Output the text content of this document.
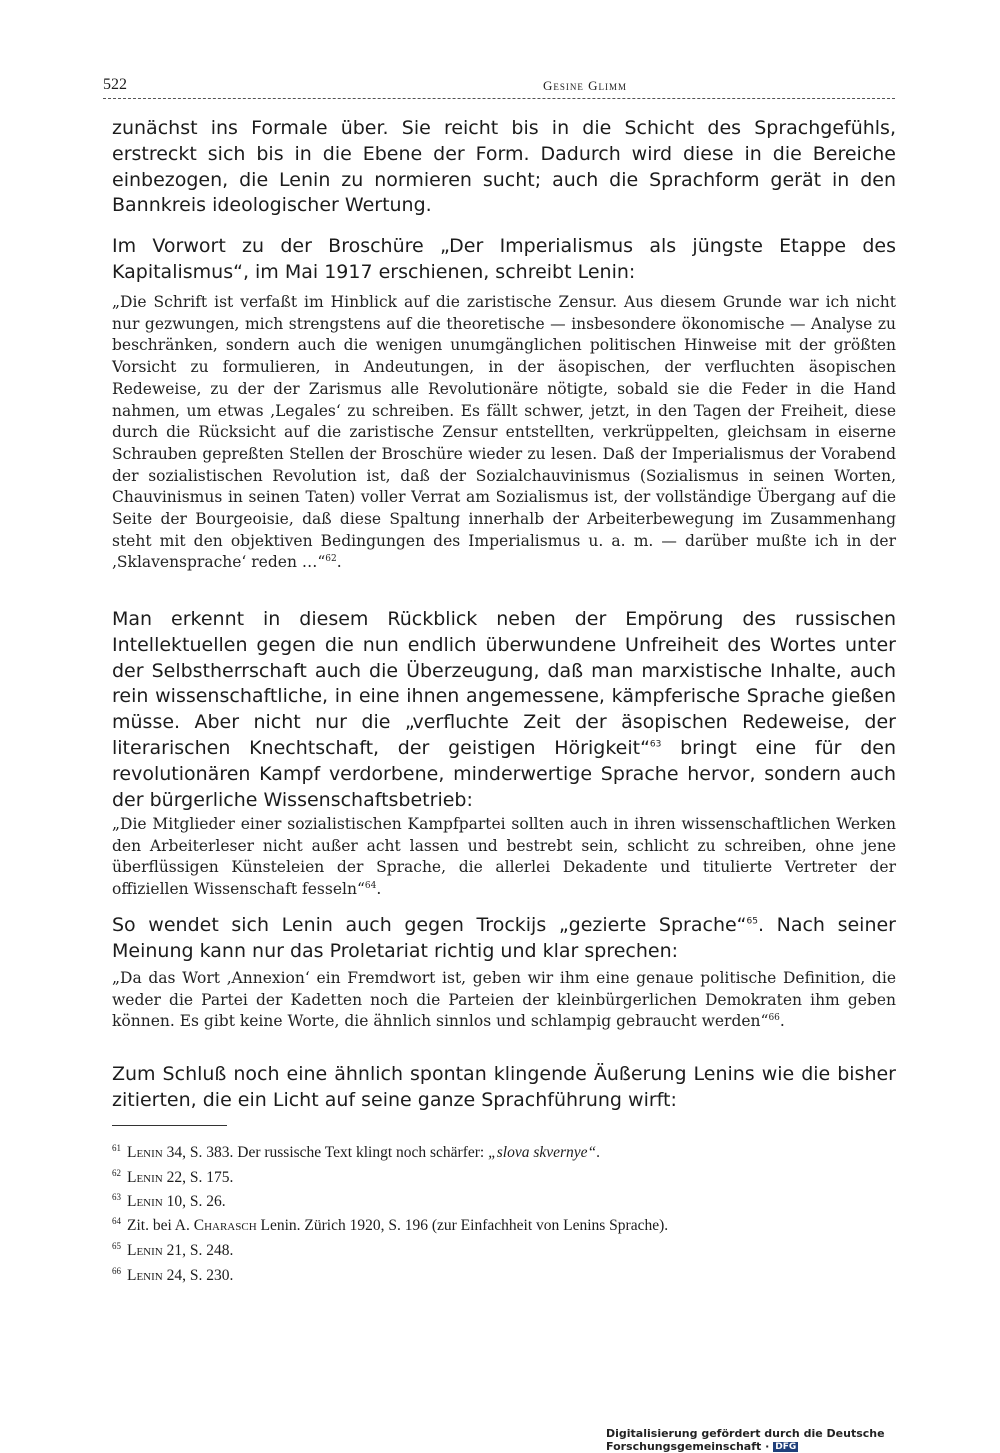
522	Gesine Glimm

zunächst ins Formale über. Sie reicht bis in die Schicht des Sprachgefühls, erstreckt sich bis in die Ebene der Form. Dadurch wird diese in die Bereiche einbezogen, die Lenin zu normieren sucht; auch die Sprachform gerät in den Bannkreis ideologischer Wertung.

Im Vorwort zu der Broschüre „Der Imperialismus als jüngste Etappe des Kapitalismus“, im Mai 1917 erschienen, schreibt Lenin:

„Die Schrift ist verfaßt im Hinblick auf die zaristische Zensur. Aus diesem Grunde war ich nicht nur gezwungen, mich strengstens auf die theoretische — insbesondere ökonomische — Analyse zu beschränken, sondern auch die wenigen unumgänglichen politischen Hinweise mit der größten Vorsicht zu formulieren, in Andeutungen, in der äsopischen, der verfluchten äsopischen Redeweise, zu der der Zarismus alle Revolutionäre nötigte, sobald sie die Feder in die Hand nahmen, um etwas ‚Legales‘ zu schreiben. Es fällt schwer, jetzt, in den Tagen der Freiheit, diese durch die Rücksicht auf die zaristische Zensur entstellten, verkrüppelten, gleichsam in eiserne Schrauben gepreßten Stellen der Broschüre wieder zu lesen. Daß der Imperialismus der Vorabend der sozialistischen Revolution ist, daß der Sozialchauvinismus (Sozialismus in seinen Worten, Chauvinismus in seinen Taten) voller Verrat am Sozialismus ist, der vollständige Übergang auf die Seite der Bourgeoisie, daß diese Spaltung innerhalb der Arbeiterbewegung im Zusammenhang steht mit den objektiven Bedingungen des Imperialismus u. a. m. — darüber mußte ich in der ‚Sklavensprache‘ reden …“$^{62}$.

Man erkennt in diesem Rückblick neben der Empörung des russischen Intellektuellen gegen die nun endlich überwundene Unfreiheit des Wortes unter der Selbstherrschaft auch die Überzeugung, daß man marxistische Inhalte, auch rein wissenschaftliche, in eine ihnen angemessene, kämpferische Sprache gießen müsse. Aber nicht nur die „verfluchte Zeit der äsopischen Redeweise, der literarischen Knechtschaft, der geistigen Hörigkeit“$^{63}$ bringt eine für den revolutionären Kampf verdorbene, minderwertige Sprache hervor, sondern auch der bürgerliche Wissenschaftsbetrieb:

„Die Mitglieder einer sozialistischen Kampfpartei sollten auch in ihren wissenschaftlichen Werken den Arbeiterleser nicht außer acht lassen und bestrebt sein, schlicht zu schreiben, ohne jene überflüssigen Künsteleien der Sprache, die allerlei Dekadente und titulierte Vertreter der offiziellen Wissenschaft fesseln“$^{64}$.

So wendet sich Lenin auch gegen Trockijs „gezierte Sprache“$^{65}$. Nach seiner Meinung kann nur das Proletariat richtig und klar sprechen:

„Da das Wort ‚Annexion‘ ein Fremdwort ist, geben wir ihm eine genaue politische Definition, die weder die Partei der Kadetten noch die Parteien der kleinbürgerlichen Demokraten ihm geben können. Es gibt keine Worte, die ähnlich sinnlos und schlampig gebraucht werden“$^{66}$.

Zum Schluß noch eine ähnlich spontan klingende Äußerung Lenins wie die bisher zitierten, die ein Licht auf seine ganze Sprachführung wirft:

$^{61}$ Lenin 34, S. 383. Der russische Text klingt noch schärfer: „slova skvernye“.
$^{62}$ Lenin 22, S. 175.
$^{63}$ Lenin 10, S. 26.
$^{64}$ Zit. bei A. Charasch Lenin. Zürich 1920, S. 196 (zur Einfachheit von Lenins Sprache).
$^{65}$ Lenin 21, S. 248.
$^{66}$ Lenin 24, S. 230.
Digitalisierung gefördert durch die Deutsche Forschungsgemeinschaft · DFG
